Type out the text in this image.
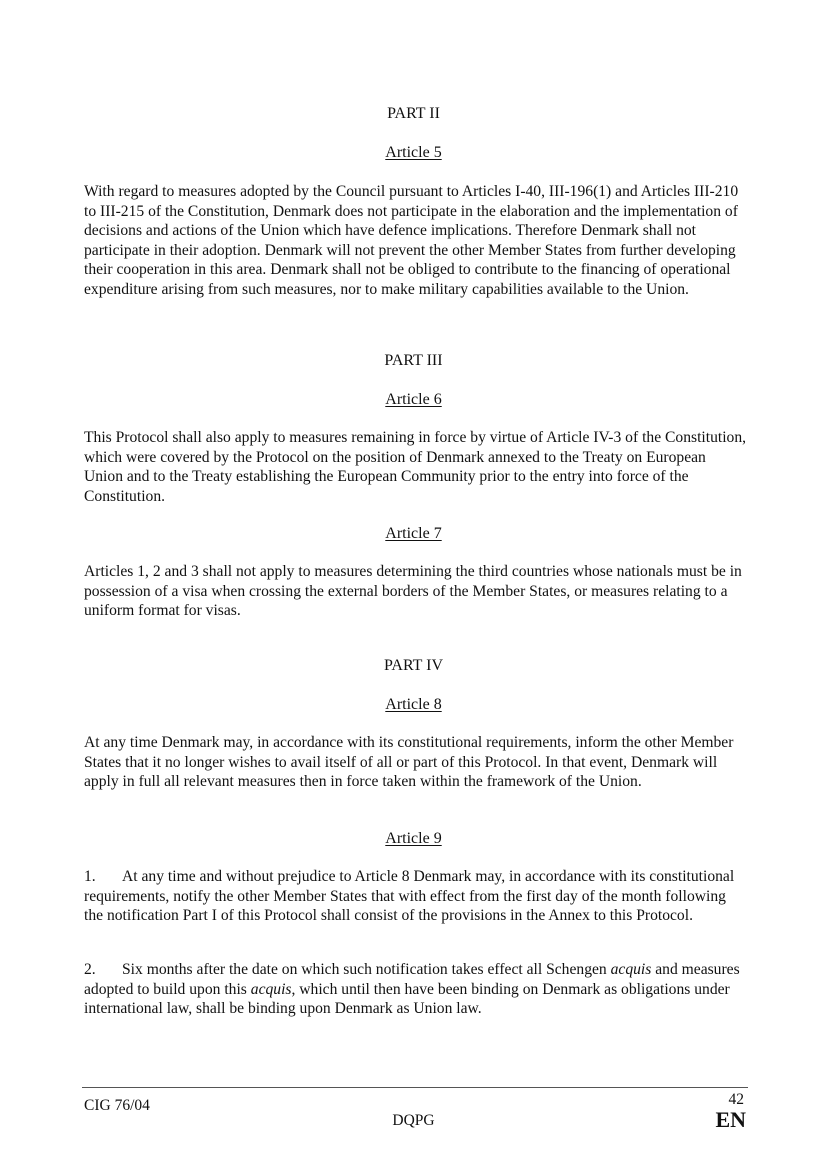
PART II
Article 5
With regard to measures adopted by the Council pursuant to Articles I-40, III-196(1) and Articles III-210 to III-215 of the Constitution, Denmark does not participate in the elaboration and the implementation of decisions and actions of the Union which have defence implications. Therefore Denmark shall not participate in their adoption. Denmark will not prevent the other Member States from further developing their cooperation in this area. Denmark shall not be obliged to contribute to the financing of operational expenditure arising from such measures, nor to make military capabilities available to the Union.
PART III
Article 6
This Protocol shall also apply to measures remaining in force by virtue of Article IV-3 of the Constitution, which were covered by the Protocol on the position of Denmark annexed to the Treaty on European Union and to the Treaty establishing the European Community prior to the entry into force of the Constitution.
Article 7
Articles 1, 2 and 3 shall not apply to measures determining the third countries whose nationals must be in possession of a visa when crossing the external borders of the Member States, or measures relating to a uniform format for visas.
PART IV
Article 8
At any time Denmark may, in accordance with its constitutional requirements, inform the other Member States that it no longer wishes to avail itself of all or part of this Protocol. In that event, Denmark will apply in full all relevant measures then in force taken within the framework of the Union.
Article 9
1. At any time and without prejudice to Article 8 Denmark may, in accordance with its constitutional requirements, notify the other Member States that with effect from the first day of the month following the notification Part I of this Protocol shall consist of the provisions in the Annex to this Protocol.
2. Six months after the date on which such notification takes effect all Schengen acquis and measures adopted to build upon this acquis, which until then have been binding on Denmark as obligations under international law, shall be binding upon Denmark as Union law.
CIG 76/04
DQPG
42
EN
